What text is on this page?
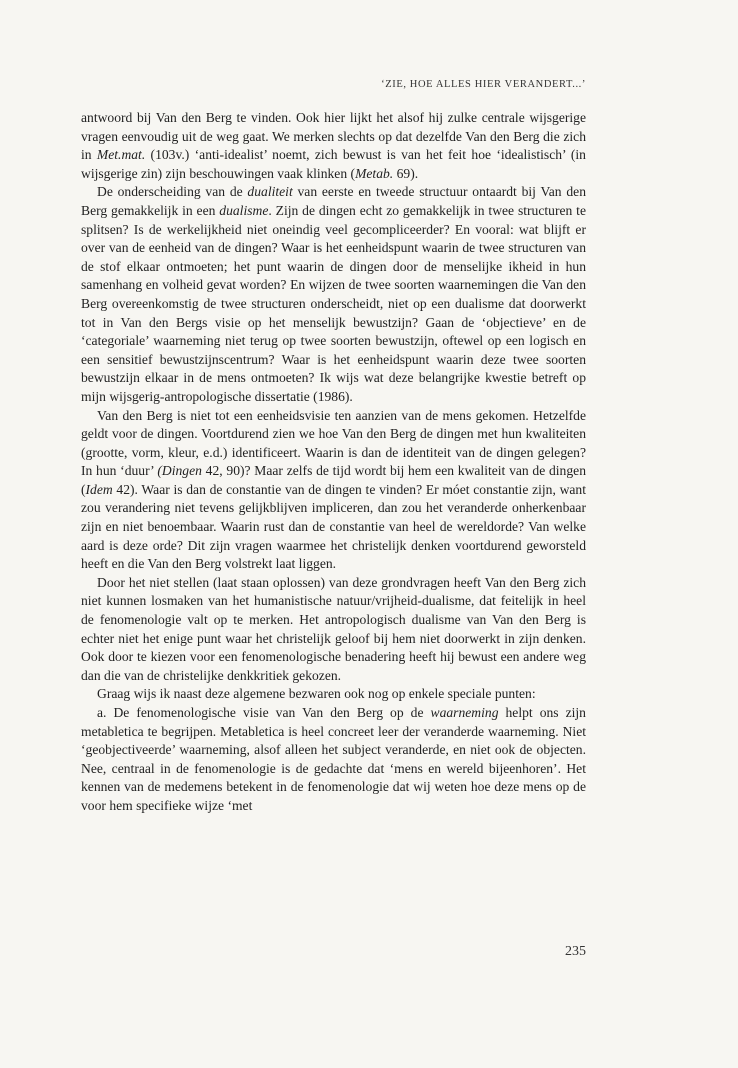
‘ZIE, HOE ALLES HIER VERANDERT...’

antwoord bij Van den Berg te vinden. Ook hier lijkt het alsof hij zulke centrale wijsgerige vragen eenvoudig uit de weg gaat. We merken slechts op dat dezelfde Van den Berg die zich in Met.mat. (103v.) ‘anti-idealist’ noemt, zich bewust is van het feit hoe ‘idealistisch’ (in wijsgerige zin) zijn beschouwingen vaak klinken (Metab. 69).

De onderscheiding van de dualiteit van eerste en tweede structuur ontaardt bij Van den Berg gemakkelijk in een dualisme. Zijn de dingen echt zo gemakkelijk in twee structuren te splitsen? Is de werkelijkheid niet oneindig veel gecompliceerder? En vooral: wat blijft er over van de eenheid van de dingen? Waar is het eenheidspunt waarin de twee structuren van de stof elkaar ontmoeten; het punt waarin de dingen door de menselijke ikheid in hun samenhang en volheid gevat worden? En wijzen de twee soorten waarnemingen die Van den Berg overeenkomstig de twee structuren onderscheidt, niet op een dualisme dat doorwerkt tot in Van den Bergs visie op het menselijk bewustzijn? Gaan de ‘objectieve’ en de ‘categoriale’ waarneming niet terug op twee soorten bewustzijn, oftewel op een logisch en een sensitief bewustzijnscentrum? Waar is het eenheidspunt waarin deze twee soorten bewustzijn elkaar in de mens ontmoeten? Ik wijs wat deze belangrijke kwestie betreft op mijn wijsgerig-antropologische dissertatie (1986).

Van den Berg is niet tot een eenheidsvisie ten aanzien van de mens gekomen. Hetzelfde geldt voor de dingen. Voortdurend zien we hoe Van den Berg de dingen met hun kwaliteiten (grootte, vorm, kleur, e.d.) identificeert. Waarin is dan de identiteit van de dingen gelegen? In hun ‘duur’ (Dingen 42, 90)? Maar zelfs de tijd wordt bij hem een kwaliteit van de dingen (Idem 42). Waar is dan de constantie van de dingen te vinden? Er móet constantie zijn, want zou verandering niet tevens gelijkblijven impliceren, dan zou het veranderde onherkenbaar zijn en niet benoembaar. Waarin rust dan de constantie van heel de wereldorde? Van welke aard is deze orde? Dit zijn vragen waarmee het christelijk denken voortdurend geworsteld heeft en die Van den Berg volstrekt laat liggen.

Door het niet stellen (laat staan oplossen) van deze grondvragen heeft Van den Berg zich niet kunnen losmaken van het humanistische natuur/vrijheid-dualisme, dat feitelijk in heel de fenomenologie valt op te merken. Het antropologisch dualisme van Van den Berg is echter niet het enige punt waar het christelijk geloof bij hem niet doorwerkt in zijn denken. Ook door te kiezen voor een fenomenologische benadering heeft hij bewust een andere weg dan die van de christelijke denkkritiek gekozen.

Graag wijs ik naast deze algemene bezwaren ook nog op enkele speciale punten:

a. De fenomenologische visie van Van den Berg op de waarneming helpt ons zijn metabletica te begrijpen. Metabletica is heel concreet leer der veranderde waarneming. Niet ‘geobjectiveerde’ waarneming, alsof alleen het subject veranderde, en niet ook de objecten. Nee, centraal in de fenomenologie is de gedachte dat ‘mens en wereld bijeenhoren’. Het kennen van de medemens betekent in de fenomenologie dat wij weten hoe deze mens op de voor hem specifieke wijze ‘met

235
